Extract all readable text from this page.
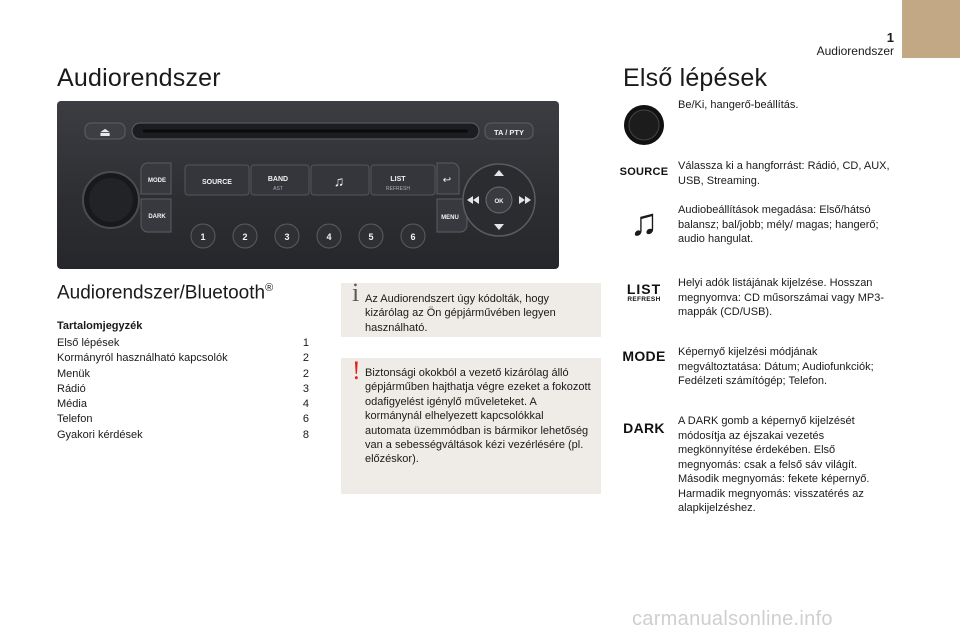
1
Audiorendszer
Audiorendszer
⏏	TA / PTY
MODE
DARK
SOURCE	BAND
AST	♫	LIST
REFRESH
↩
MENU
OK
1	2	3	4	5	6
Audiorendszer/Bluetooth®
Tartalomjegyzék
Első lépések	1
Kormányról használható kapcsolók	2
Menük	2
Rádió	3
Média	4
Telefon	6
Gyakori kérdések	8
i Az Audiorendszert úgy kódolták, hogy kizárólag az Ön gépjárművében legyen használható.
! Biztonsági okokból a vezető kizárólag álló gépjárműben hajthatja végre ezeket a fokozott odafigyelést igénylő műveleteket. A kormánynál elhelyezett kapcsolókkal automata üzemmódban is bármikor lehetőség van a sebességváltások kézi vezérlésére (pl. előzéskor).
Első lépések
Be/Ki, hangerő-beállítás.
SOURCE Válassza ki a hangforrást: Rádió, CD, AUX, USB, Streaming.
♫ Audiobeállítások megadása: Első/hátsó balansz; bal/jobb; mély/ magas; hangerő; audio hangulat.
LIST
REFRESH
Helyi adók listájának kijelzése. Hosszan megnyomva: CD műsorszámai vagy MP3-mappák (CD/USB).
MODE Képernyő kijelzési módjának megváltoztatása: Dátum; Audiofunkciók; Fedélzeti számítógép; Telefon.
DARK A DARK gomb a képernyő kijelzését módosítja az éjszakai vezetés megkönnyítése érdekében. Első megnyomás: csak a felső sáv világít. Második megnyomás: fekete képernyő. Harmadik megnyomás: visszatérés az alapkijelzéshez.
carmanualsonline.info
